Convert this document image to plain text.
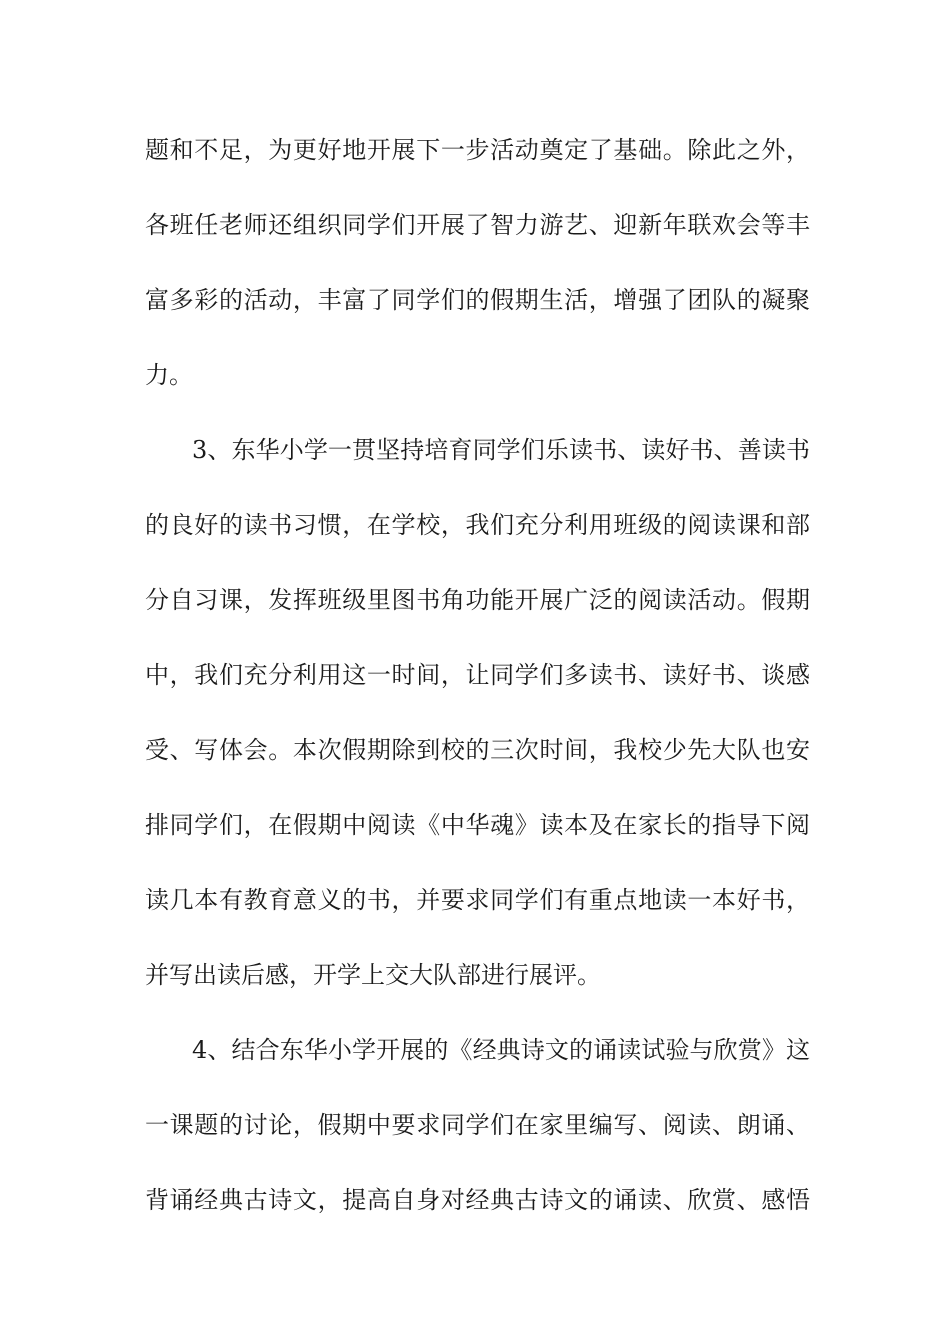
题和不足，为更好地开展下一步活动奠定了基础。除此之外，
各班任老师还组织同学们开展了智力游艺、迎新年联欢会等丰
富多彩的活动，丰富了同学们的假期生活，增强了团队的凝聚
力。
3、东华小学一贯坚持培育同学们乐读书、读好书、善读书
的良好的读书习惯，在学校，我们充分利用班级的阅读课和部
分自习课，发挥班级里图书角功能开展广泛的阅读活动。假期
中，我们充分利用这一时间，让同学们多读书、读好书、谈感
受、写体会。本次假期除到校的三次时间，我校少先大队也安
排同学们，在假期中阅读《中华魂》读本及在家长的指导下阅
读几本有教育意义的书，并要求同学们有重点地读一本好书，
并写出读后感，开学上交大队部进行展评。
4、结合东华小学开展的《经典诗文的诵读试验与欣赏》这
一课题的讨论，假期中要求同学们在家里编写、阅读、朗诵、
背诵经典古诗文，提高自身对经典古诗文的诵读、欣赏、感悟
